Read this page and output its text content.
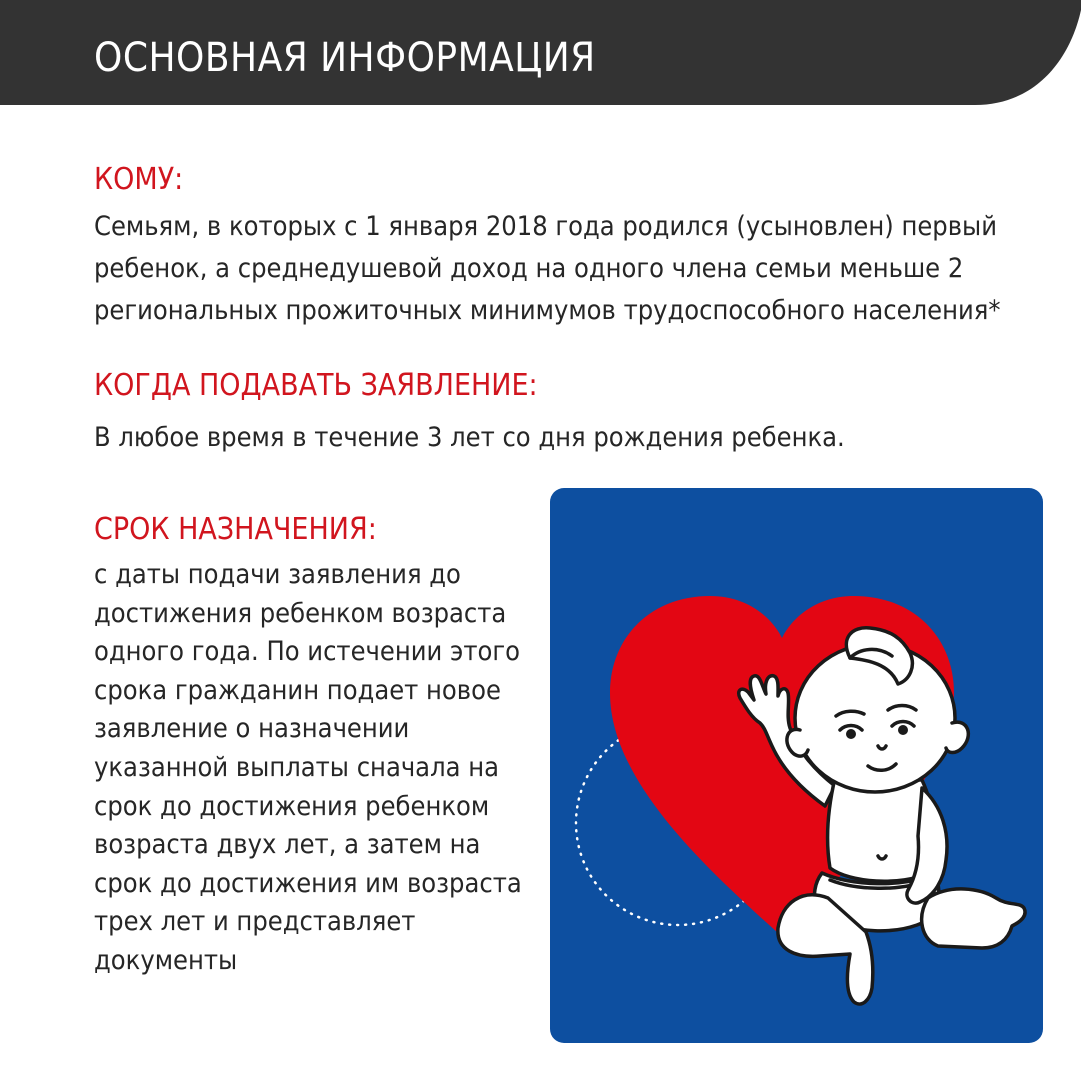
ОСНОВНАЯ ИНФОРМАЦИЯ
КОМУ:

Семьям, в которых с 1 января 2018 года родился (усыновлен) первый ребенок, а среднедушевой доход на одного члена семьи меньше 2 региональных прожиточных минимумов трудоспособного населения*

КОГДА ПОДАВАТЬ ЗАЯВЛЕНИЕ:

В любое время в течение 3 лет со дня рождения ребенка.

СРОК НАЗНАЧЕНИЯ:

с даты подачи заявления до достижения ребенком возраста одного года. По истечении этого срока гражданин подает новое заявление о назначении указанной выплаты сначала на срок до достижения ребенком возраста двух лет, а затем на срок до достижения им возраста трех лет и представляет документы
